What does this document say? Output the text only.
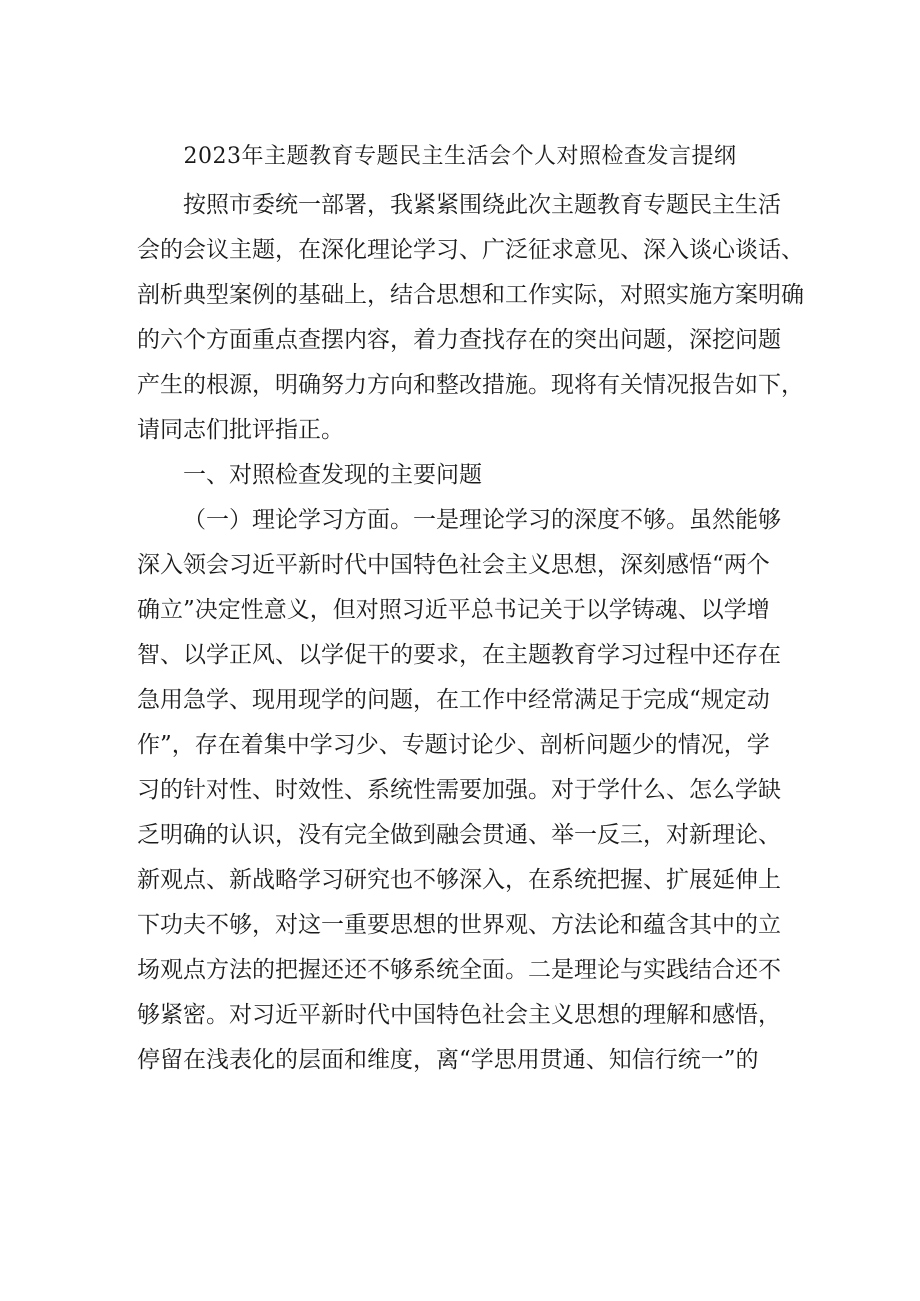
2023年主题教育专题民主生活会个人对照检查发言提纲
按照市委统一部署，我紧紧围绕此次主题教育专题民主生活
会的会议主题，在深化理论学习、广泛征求意见、深入谈心谈话、
剖析典型案例的基础上，结合思想和工作实际，对照实施方案明确
的六个方面重点查摆内容，着力查找存在的突出问题，深挖问题
产生的根源，明确努力方向和整改措施。现将有关情况报告如下，
请同志们批评指正。
一、对照检查发现的主要问题
（一）理论学习方面。一是理论学习的深度不够。虽然能够
深入领会习近平新时代中国特色社会主义思想，深刻感悟“两个
确立”决定性意义，但对照习近平总书记关于以学铸魂、以学增
智、以学正风、以学促干的要求，在主题教育学习过程中还存在
急用急学、现用现学的问题，在工作中经常满足于完成“规定动
作”，存在着集中学习少、专题讨论少、剖析问题少的情况，学
习的针对性、时效性、系统性需要加强。对于学什么、怎么学缺
乏明确的认识，没有完全做到融会贯通、举一反三，对新理论、
新观点、新战略学习研究也不够深入，在系统把握、扩展延伸上
下功夫不够，对这一重要思想的世界观、方法论和蕴含其中的立
场观点方法的把握还还不够系统全面。二是理论与实践结合还不
够紧密。对习近平新时代中国特色社会主义思想的理解和感悟，
停留在浅表化的层面和维度，离“学思用贯通、知信行统一”的
